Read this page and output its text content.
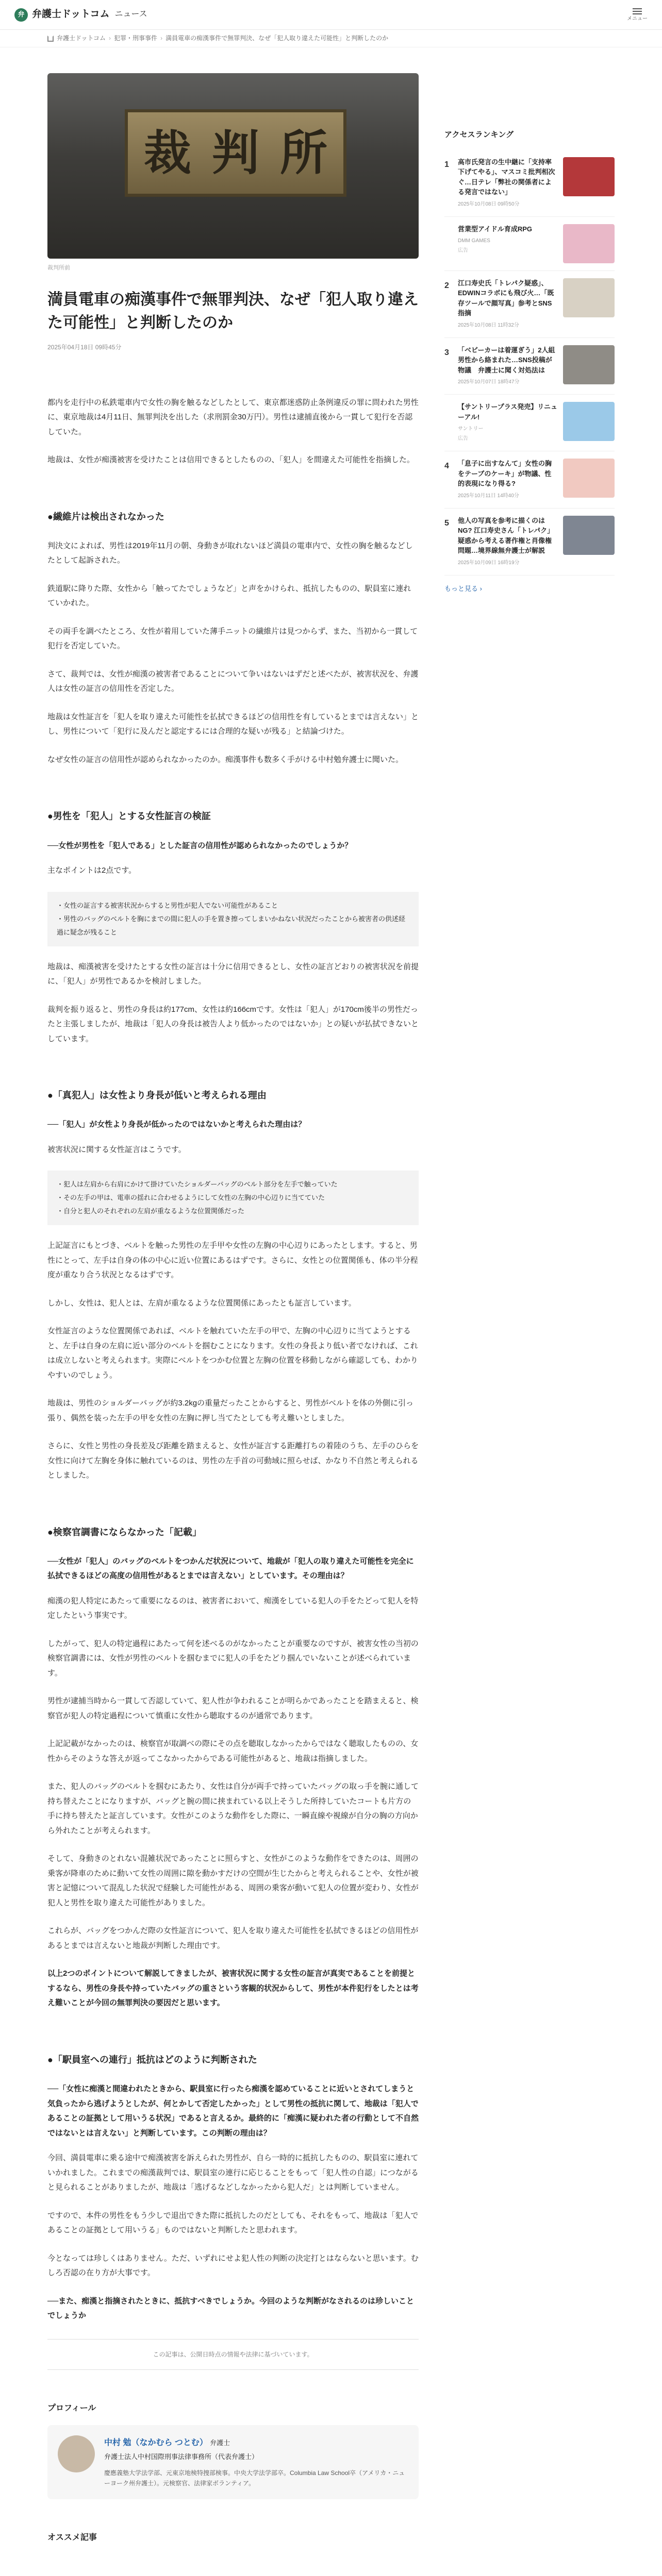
弁 弁護士ドットコム ニュース	メニュー
弁護士ドットコム › 犯罪・刑事事件 › 満員電車の痴漢事件で無罪判決、なぜ「犯人取り違えた可能性」と判断したのか
裁 判 所
裁判所前
満員電車の痴漢事件で無罪判決、なぜ「犯人取り違えた可能性」と判断したのか
2025年04月18日 09時45分

都内を走行中の私鉄電車内で女性の胸を触るなどしたとして、東京都迷惑防止条例違反の罪に問われた男性に、東京地裁は4月11日、無罪判決を出した（求刑罰金30万円）。男性は逮捕直後から一貫して犯行を否認していた。

地裁は、女性が痴漢被害を受けたことは信用できるとしたものの、「犯人」を間違えた可能性を指摘した。

●繊維片は検出されなかった

判決文によれば、男性は2019年11月の朝、身動きが取れないほど満員の電車内で、女性の胸を触るなどしたとして起訴された。

鉄道駅に降りた際、女性から「触ってたでしょうなど」と声をかけられ、抵抗したものの、駅員室に連れていかれた。

その両手を調べたところ、女性が着用していた薄手ニットの繊維片は見つからず、また、当初から一貫して犯行を否定していた。

さて、裁判では、女性が痴漢の被害者であることについて争いはないはずだと述べたが、被害状況を、弁護人は女性の証言の信用性を否定した。

地裁は女性証言を「犯人を取り違えた可能性を払拭できるほどの信用性を有しているとまでは言えない」とし、男性について「犯行に及んだと認定するには合理的な疑いが残る」と結論づけた。

なぜ女性の証言の信用性が認められなかったのか。痴漢事件も数多く手がける中村勉弁護士に聞いた。

●男性を「犯人」とする女性証言の検証

──女性が男性を「犯人である」とした証言の信用性が認められなかったのでしょうか？

主なポイントは2点です。

・女性の証言する被害状況からすると男性が犯人でない可能性があること
・男性のバッグのベルトを胸にまでの間に犯人の手を置き擦ってしまいかねない状況だったことから被害者の供述経過に疑念が残ること

地裁は、痴漢被害を受けたとする女性の証言は十分に信用できるとし、女性の証言どおりの被害状況を前提に、「犯人」が男性であるかを検討しました。

裁判を振り返ると、男性の身長は約177cm、女性は約166cmです。女性は「犯人」が170cm後半の男性だったと主張しましたが、地裁は「犯人の身長は被告人より低かったのではないか」との疑いが払拭できないとしています。

●「真犯人」は女性より身長が低いと考えられる理由

──「犯人」が女性より身長が低かったのではないかと考えられた理由は？

被害状況に関する女性証言はこうです。

・犯人は左肩から右肩にかけて掛けていたショルダーバッグのベルト部分を左手で触っていた
・その左手の甲は、電車の揺れに合わせるようにして女性の左胸の中心辺りに当てていた
・自分と犯人のそれぞれの左肩が重なるような位置関係だった

上記証言にもとづき、ベルトを触った男性の左手甲や女性の左胸の中心辺りにあったとします。すると、男性にとって、左手は自身の体の中心に近い位置にあるはずです。さらに、女性との位置関係も、体の半分程度が重なり合う状況となるはずです。

しかし、女性は、犯人とは、左肩が重なるような位置関係にあったとも証言しています。

女性証言のような位置関係であれば、ベルトを触れていた左手の甲で、左胸の中心辺りに当てようとすると、左手は自身の左肩に近い部分のベルトを掴むことになります。女性の身長より低い者でなければ、これは成立しないと考えられます。実際にベルトをつかむ位置と左胸の位置を移動しながら確認しても、わかりやすいのでしょう。

地裁は、男性のショルダーバッグが約3.2kgの重量だったことからすると、男性がベルトを体の外側に引っ張り、偶然を装った左手の甲を女性の左胸に押し当てたとしても考え難いとしました。

さらに、女性と男性の身長差及び距離を踏まえると、女性が証言する距離打ちの着陸のうち、左手のひらを女性に向けて左胸を身体に触れているのは、男性の左手首の可動域に照らせば、かなり不自然と考えられるとしました。

●検察官調書にならなかった「記載」

──女性が「犯人」のバッグのベルトをつかんだ状況について、地裁が「犯人の取り違えた可能性を完全に払拭できるほどの高度の信用性があるとまでは言えない」としています。その理由は？

痴漢の犯人特定にあたって重要になるのは、被害者において、痴漢をしている犯人の手をたどって犯人を特定したという事実です。

したがって、犯人の特定過程にあたって何を述べるのがなかったことが重要なのですが、被害女性の当初の検察官調書には、女性が男性のベルトを掴むまでに犯人の手をたどり掴んでいないことが述べられています。

男性が逮捕当時から一貫して否認していて、犯人性が争われることが明らかであったことを踏まえると、検察官が犯人の特定過程について慎重に女性から聴取するのが通常であります。

上記記載がなかったのは、検察官が取調べの際にその点を聴取しなかったからではなく聴取したものの、女性からそのような答えが返ってこなかったからである可能性があると、地裁は指摘しました。

また、犯人のバッグのベルトを掴むにあたり、女性は自分が両手で持っていたバッグの取っ手を腕に通して持ち替えたことになりますが、バッグと腕の間に挟まれている以上そうした所持していたコートも片方の手に持ち替えたと証言しています。女性がこのような動作をした際に、一瞬直線や視線が自分の胸の方向から外れたことが考えられます。

そして、身動きのとれない混雑状況であったことに照らすと、女性がこのような動作をできたのは、周囲の乗客が降車のために動いて女性の周囲に隙を動かすだけの空間が生じたからと考えられることや、女性が被害と記憶について混乱した状況で経験した可能性がある、周囲の乗客が動いて犯人の位置が変わり、女性が犯人と男性を取り違えた可能性がありました。

これらが、バッグをつかんだ際の女性証言について、犯人を取り違えた可能性を払拭できるほどの信用性があるとまでは言えないと地裁が判断した理由です。

以上2つのポイントについて解説してきましたが、被害状況に関する女性の証言が真実であることを前提とするなら、男性の身長や持っていたバッグの重さという客観的状況からして、男性が本件犯行をしたとは考え難いことが今回の無罪判決の要因だと思います。

●「駅員室への連行」抵抗はどのように判断された

──「女性に痴漢と間違われたときから、駅員室に行ったら痴漢を認めていることに近いとされてしまうと気負ったから逃げようとしたが、何とかして否定したかった」として男性の抵抗に関して、地裁は「犯人であることの証拠として用いうる状況」であると言えるか。最終的に「痴漢に疑われた者の行動として不自然ではないとは言えない」と判断しています。この判断の理由は？

今回、満員電車に乗る途中で痴漢被害を訴えられた男性が、自ら一時的に抵抗したものの、駅員室に連れていかれました。これまでの痴漢裁判では、駅員室の連行に応じることをもって「犯人性の自認」につながると見られることがありましたが、地裁は「逃げるなどしなかったから犯人だ」とは判断していません。

ですので、本件の男性をもう少しで退出できた際に抵抗したのだとしても、それをもって、地裁は「犯人であることの証拠として用いうる」ものではないと判断したと思われます。

今となっては珍しくはありません。ただ、いずれにせよ犯人性の判断の決定打とはならないと思います。むしろ否認の在り方が大事です。

──また、痴漢と指摘されたときに、抵抗すべきでしょうか。今回のような判断がなされるのは珍しいことでしょうか

この記事は、公開日時点の情報や法律に基づいています。
プロフィール
中村 勉（なかむら つとむ） 弁護士
弁護士法人中村国際刑事法律事務所（代表弁護士）
慶應義塾大学法学部、元東京地検特捜部検事。中央大学法学部卒。Columbia Law School卒（アメリカ・ニューヨーク州弁護士）。元検察官、法律家ボランティア。
オススメ記事
アクセスランキング
1	高市氏発言の生中継に「支持率下げてやる」、マスコミ批判相次ぐ…日テレ「弊社の関係者による発言ではない」
2025年10月08日 09時50分
営業型アイドル育成RPG
DMM GAMES
広告
2	江口寿史氏「トレパク疑惑」、EDWINコラボにも飛び火…「既存ツールで顔写真」参考とSNS指摘
2025年10月08日 11時32分
3	「ベビーカーは着運ぎう」2人組男性から絡まれた…SNS投稿が物議　弁護士に聞く対処法は
2025年10月07日 18時47分
【サントリープラス発売】リニューアル!
サントリー
広告
4	「息子に出すなんて」女性の胸をテーブのケーキ」が物議、性的表現になり得る?
2025年10月11日 14時40分
5	他人の写真を参考に描くのはNG? 江口寿史さん「トレパク」疑惑から考える著作権と肖像権問題…境界線無弁護士が解説
2025年10月09日 16時19分
もっと見る ›
